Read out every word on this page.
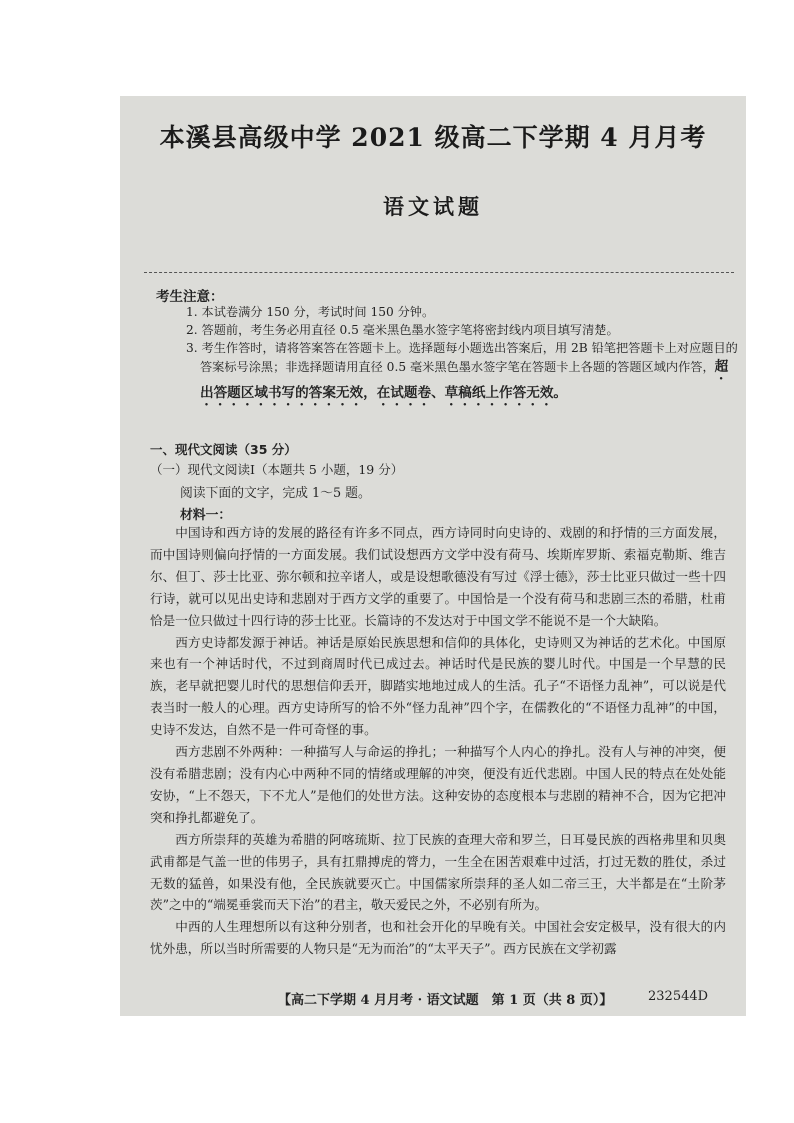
本溪县高级中学 2021 级高二下学期 4 月月考
语文试题
考生注意：

1. 本试卷满分 150 分，考试时间 150 分钟。

2. 答题前，考生务必用直径 0.5 毫米黑色墨水签字笔将密封线内项目填写清楚。

3. 考生作答时，请将答案答在答题卡上。选择题每小题选出答案后，用 2B 铅笔把答题卡上对应题目的答案标号涂黑；非选择题请用直径 0.5 毫米黑色墨水签字笔在答题卡上各题的答题区域内作答，超出答题区域书写的答案无效，在试题卷、草稿纸上作答无效。

一、现代文阅读（35 分）
（一）现代文阅读Ⅰ（本题共 5 小题，19 分）
阅读下面的文字，完成 1～5 题。
材料一：

中国诗和西方诗的发展的路径有许多不同点，西方诗同时向史诗的、戏剧的和抒情的三方面发展，而中国诗则偏向抒情的一方面发展。我们试设想西方文学中没有荷马、埃斯库罗斯、索福克勒斯、维吉尔、但丁、莎士比亚、弥尔顿和拉辛诸人，或是设想歌德没有写过《浮士德》，莎士比亚只做过一些十四行诗，就可以见出史诗和悲剧对于西方文学的重要了。中国恰是一个没有荷马和悲剧三杰的希腊，杜甫恰是一位只做过十四行诗的莎士比亚。长篇诗的不发达对于中国文学不能说不是一个大缺陷。

西方史诗都发源于神话。神话是原始民族思想和信仰的具体化，史诗则又为神话的艺术化。中国原来也有一个神话时代，不过到商周时代已成过去。神话时代是民族的婴儿时代。中国是一个早慧的民族，老早就把婴儿时代的思想信仰丢开，脚踏实地地过成人的生活。孔子“不语怪力乱神”，可以说是代表当时一般人的心理。西方史诗所写的恰不外“怪力乱神”四个字，在儒教化的“不语怪力乱神”的中国，史诗不发达，自然不是一件可奇怪的事。

西方悲剧不外两种：一种描写人与命运的挣扎；一种描写个人内心的挣扎。没有人与神的冲突，便没有希腊悲剧；没有内心中两种不同的情绪或理解的冲突，便没有近代悲剧。中国人民的特点在处处能安协，“上不怨天，下不尤人”是他们的处世方法。这种安协的态度根本与悲剧的精神不合，因为它把冲突和挣扎都避免了。

西方所崇拜的英雄为希腊的阿喀琉斯、拉丁民族的查理大帝和罗兰，日耳曼民族的西格弗里和贝奥武甫都是气盖一世的伟男子，具有扛鼎搏虎的膂力，一生全在困苦艰难中过活，打过无数的胜仗，杀过无数的猛兽，如果没有他，全民族就要灭亡。中国儒家所崇拜的圣人如二帝三王，大半都是在“土阶茅茨”之中的“端冕垂裳而天下治”的君主，敬天爱民之外，不必别有所为。

中西的人生理想所以有这种分别者，也和社会开化的早晚有关。中国社会安定极早，没有很大的内忧外患，所以当时所需要的人物只是“无为而治”的“太平天子”。西方民族在文学初露

【高二下学期 4 月月考 · 语文试题　第 1 页（共 8 页）】	232544D
